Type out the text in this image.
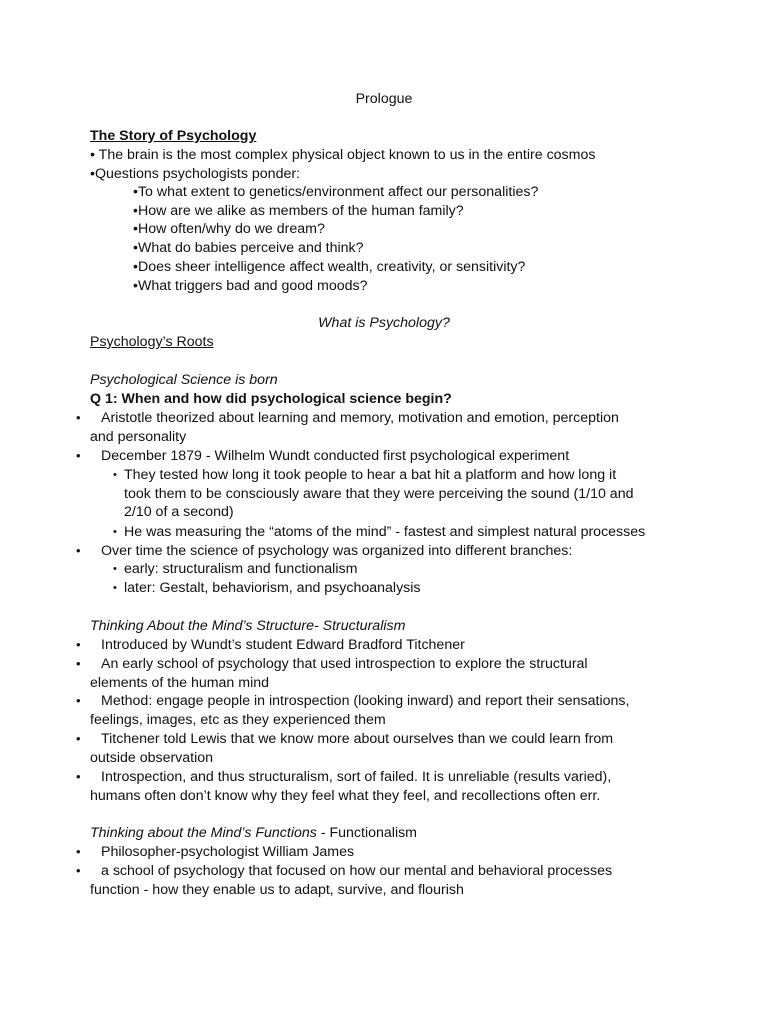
Prologue
The Story of Psychology
• The brain is the most complex physical object known to us in the entire cosmos
•Questions psychologists ponder:
•To what extent to genetics/environment affect our personalities?
•How are we alike as members of the human family?
•How often/why do we dream?
•What do babies perceive and think?
•Does sheer intelligence affect wealth, creativity, or sensitivity?
•What triggers bad and good moods?
What is Psychology?
Psychology’s Roots
Psychological Science is born
Q 1: When and how did psychological science begin?
• Aristotle theorized about learning and memory, motivation and emotion, perception
and personality
• December 1879 - Wilhelm Wundt conducted first psychological experiment
• They tested how long it took people to hear a bat hit a platform and how long it
took them to be consciously aware that they were perceiving the sound (1/10 and
2/10 of a second)
• He was measuring the “atoms of the mind” - fastest and simplest natural processes
• Over time the science of psychology was organized into different branches:
• early: structuralism and functionalism
• later: Gestalt, behaviorism, and psychoanalysis
Thinking About the Mind’s Structure- Structuralism
• Introduced by Wundt’s student Edward Bradford Titchener
• An early school of psychology that used introspection to explore the structural
elements of the human mind
• Method: engage people in introspection (looking inward) and report their sensations,
feelings, images, etc as they experienced them
• Titchener told Lewis that we know more about ourselves than we could learn from
outside observation
• Introspection, and thus structuralism, sort of failed. It is unreliable (results varied),
humans often don’t know why they feel what they feel, and recollections often err.
Thinking about the Mind’s Functions - Functionalism
• Philosopher-psychologist William James
• a school of psychology that focused on how our mental and behavioral processes
function - how they enable us to adapt, survive, and flourish
